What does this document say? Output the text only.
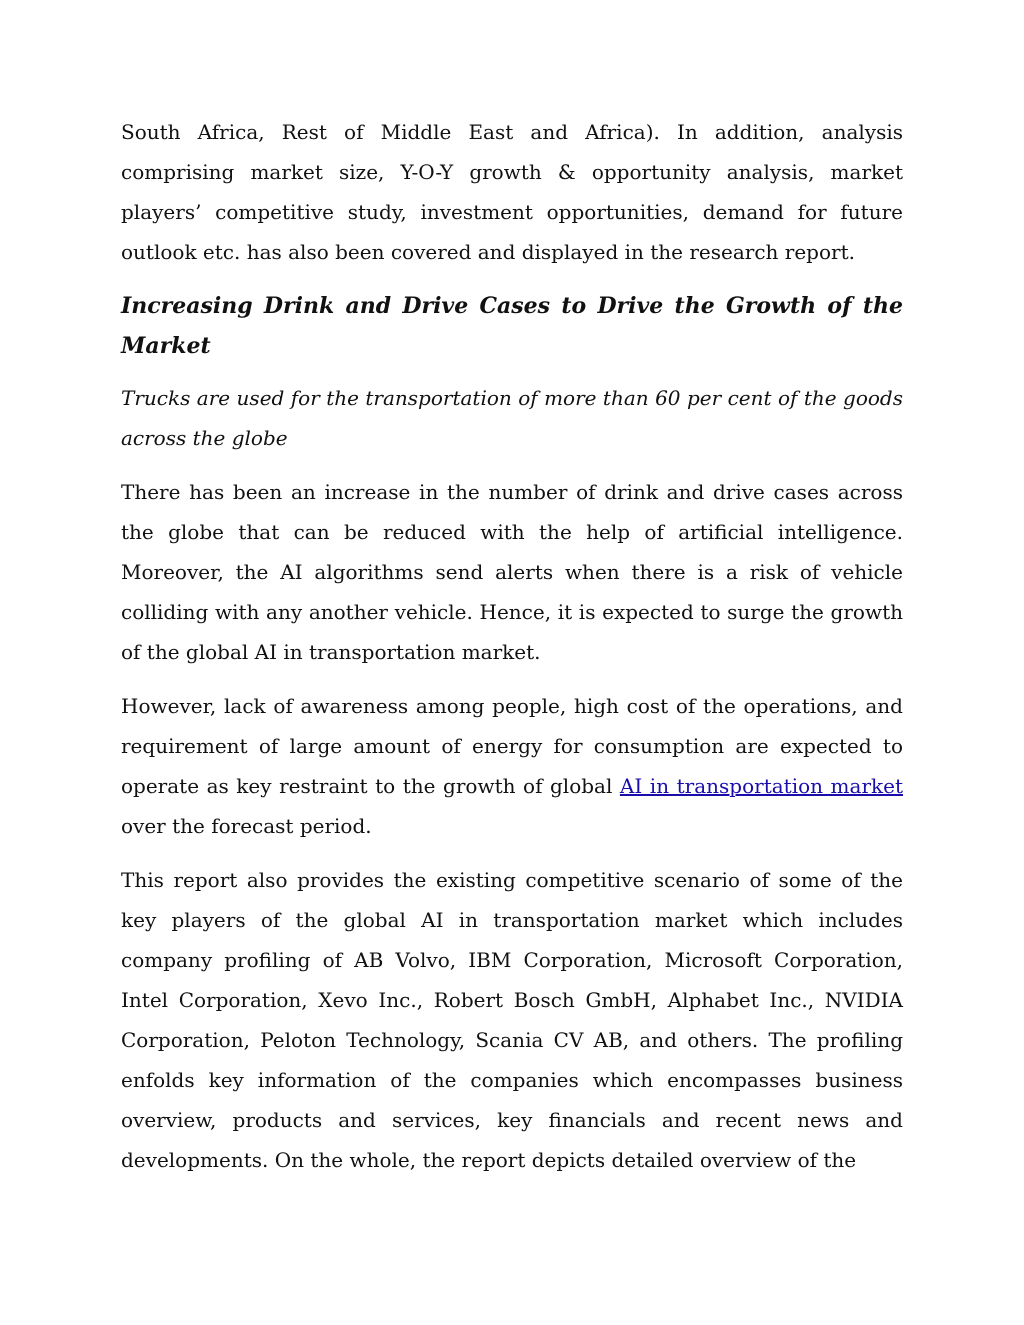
South Africa, Rest of Middle East and Africa). In addition, analysis comprising market size, Y-O-Y growth & opportunity analysis, market players’ competitive study, investment opportunities, demand for future outlook etc. has also been covered and displayed in the research report.

Increasing Drink and Drive Cases to Drive the Growth of the Market

Trucks are used for the transportation of more than 60 per cent of the goods across the globe

There has been an increase in the number of drink and drive cases across the globe that can be reduced with the help of artificial intelligence. Moreover, the AI algorithms send alerts when there is a risk of vehicle colliding with any another vehicle. Hence, it is expected to surge the growth of the global AI in transportation market.

However, lack of awareness among people, high cost of the operations, and requirement of large amount of energy for consumption are expected to operate as key restraint to the growth of global AI in transportation market over the forecast period.

This report also provides the existing competitive scenario of some of the key players of the global AI in transportation market which includes company profiling of AB Volvo, IBM Corporation, Microsoft Corporation, Intel Corporation, Xevo Inc., Robert Bosch GmbH, Alphabet Inc., NVIDIA Corporation, Peloton Technology, Scania CV AB, and others. The profiling enfolds key information of the companies which encompasses business overview, products and services, key financials and recent news and developments. On the whole, the report depicts detailed overview of the
